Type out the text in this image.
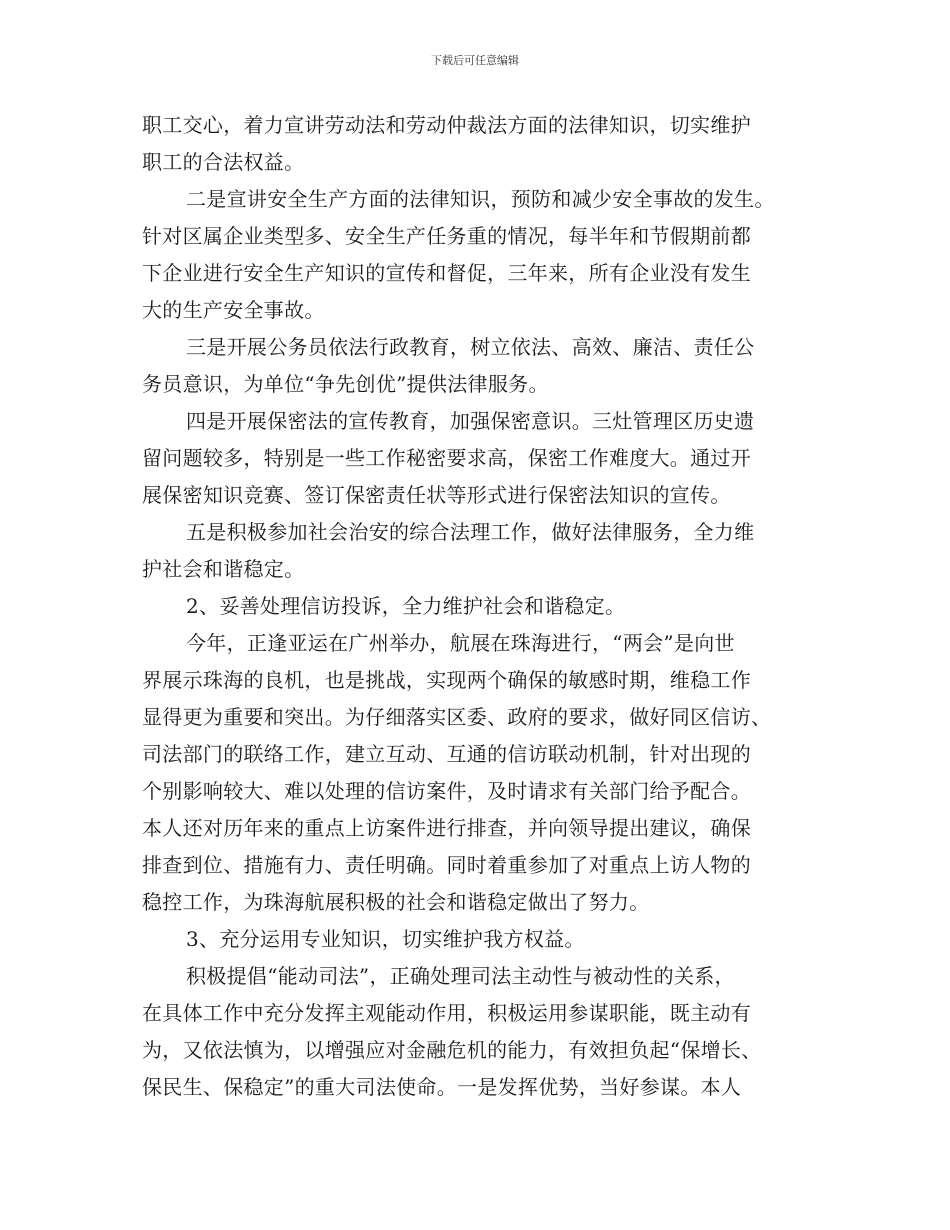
下载后可任意编辑
职工交心，着力宣讲劳动法和劳动仲裁法方面的法律知识，切实维护
职工的合法权益。
二是宣讲安全生产方面的法律知识，预防和减少安全事故的发生。
针对区属企业类型多、安全生产任务重的情况，每半年和节假期前都
下企业进行安全生产知识的宣传和督促，三年来，所有企业没有发生
大的生产安全事故。
三是开展公务员依法行政教育，树立依法、高效、廉洁、责任公
务员意识，为单位“争先创优”提供法律服务。
四是开展保密法的宣传教育，加强保密意识。三灶管理区历史遗
留问题较多，特别是一些工作秘密要求高，保密工作难度大。通过开
展保密知识竞赛、签订保密责任状等形式进行保密法知识的宣传。
五是积极参加社会治安的综合法理工作，做好法律服务，全力维
护社会和谐稳定。
2、妥善处理信访投诉，全力维护社会和谐稳定。
今年，正逢亚运在广州举办，航展在珠海进行，“两会”是向世
界展示珠海的良机，也是挑战，实现两个确保的敏感时期，维稳工作
显得更为重要和突出。为仔细落实区委、政府的要求，做好同区信访、
司法部门的联络工作，建立互动、互通的信访联动机制，针对出现的
个别影响较大、难以处理的信访案件，及时请求有关部门给予配合。
本人还对历年来的重点上访案件进行排查，并向领导提出建议，确保
排查到位、措施有力、责任明确。同时着重参加了对重点上访人物的
稳控工作，为珠海航展积极的社会和谐稳定做出了努力。
3、充分运用专业知识，切实维护我方权益。
积极提倡“能动司法”，正确处理司法主动性与被动性的关系，
在具体工作中充分发挥主观能动作用，积极运用参谋职能，既主动有
为，又依法慎为，以增强应对金融危机的能力，有效担负起“保增长、
保民生、保稳定”的重大司法使命。一是发挥优势，当好参谋。本人
